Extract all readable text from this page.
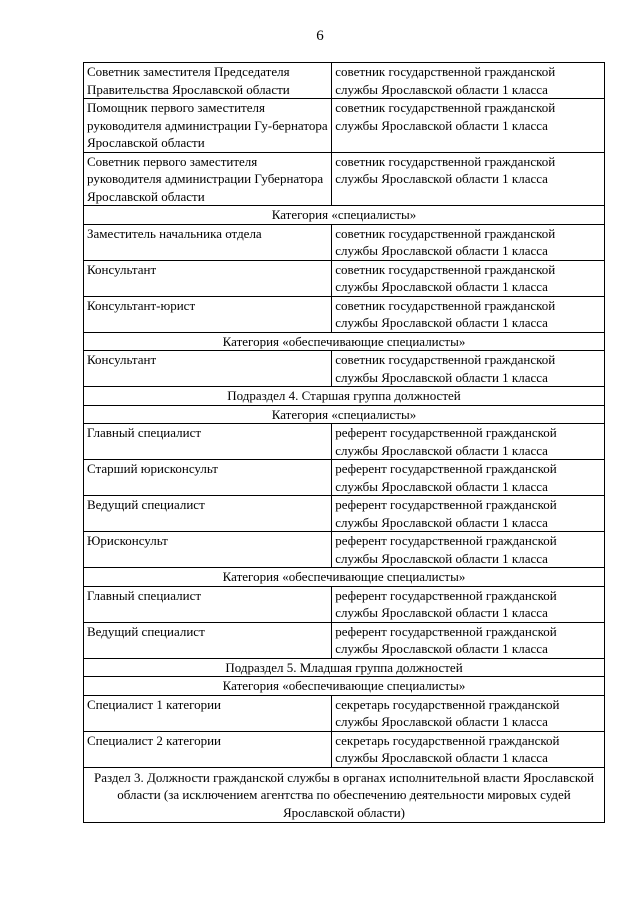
6
Советник заместителя Председателя Правительства Ярославской области	советник государственной гражданской службы Ярославской области 1 класса
Помощник первого заместителя руководителя администрации Гу-бернатора Ярославской области	советник государственной гражданской службы Ярославской области 1 класса
Советник первого заместителя руководителя администрации Губернатора Ярославской области	советник государственной гражданской службы Ярославской области 1 класса
Категория «специалисты»	
Заместитель начальника отдела	советник государственной гражданской службы Ярославской области 1 класса
Консультант	советник государственной гражданской службы Ярославской области 1 класса
Консультант-юрист	советник государственной гражданской службы Ярославской области 1 класса
Категория «обеспечивающие специалисты»	
Консультант	советник государственной гражданской службы Ярославской области 1 класса
Подраздел 4. Старшая группа должностей	
Категория «специалисты»	
Главный специалист	референт государственной гражданской службы Ярославской области 1 класса
Старший юрисконсульт	референт государственной гражданской службы Ярославской области 1 класса
Ведущий специалист	референт государственной гражданской службы Ярославской области 1 класса
Юрисконсульт	референт государственной гражданской службы Ярославской области 1 класса
Категория «обеспечивающие специалисты»	
Главный специалист	референт государственной гражданской службы Ярославской области 1 класса
Ведущий специалист	референт государственной гражданской службы Ярославской области 1 класса
Подраздел 5. Младшая группа должностей	
Категория «обеспечивающие специалисты»	
Специалист 1 категории	секретарь государственной гражданской службы Ярославской области 1 класса
Специалист 2 категории	секретарь государственной гражданской службы Ярославской области 1 класса
Раздел 3. Должности гражданской службы в органах исполнительной власти Ярославской области (за исключением агентства по обеспечению деятельности мировых судей Ярославской области)	
